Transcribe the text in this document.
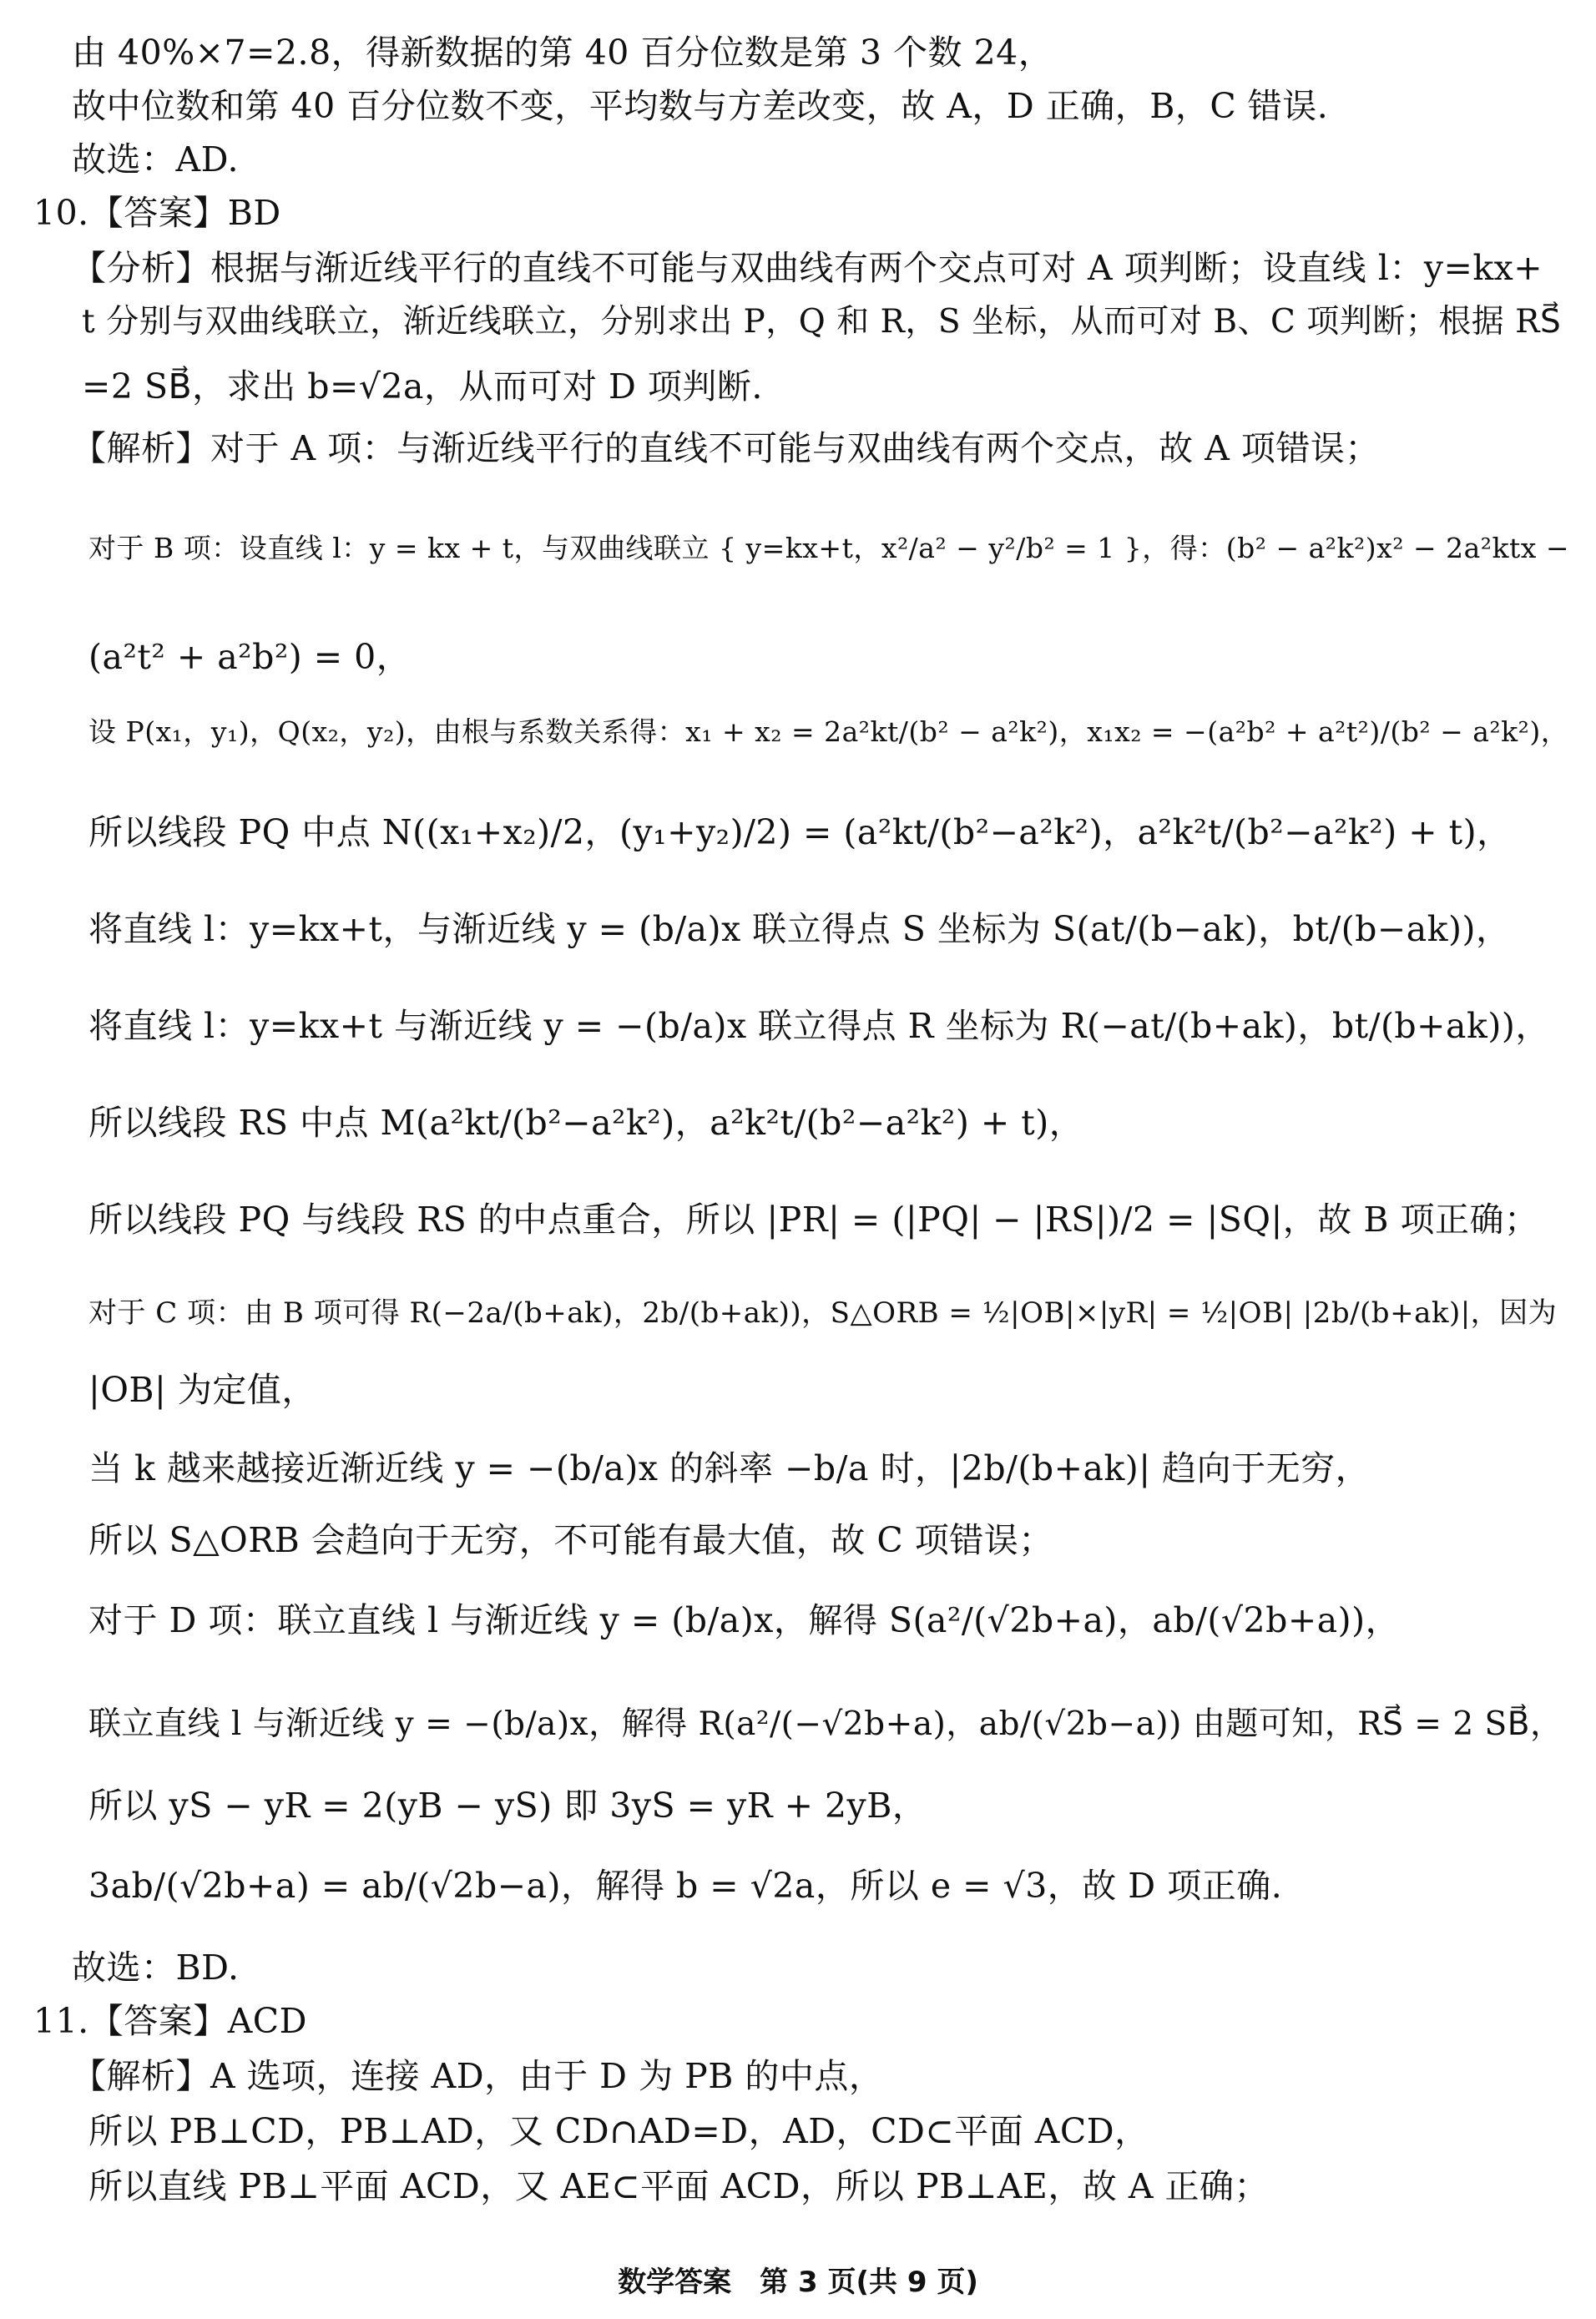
由 40%×7=2.8，得新数据的第 40 百分位数是第 3 个数 24，
故中位数和第 40 百分位数不变，平均数与方差改变，故 A，D 正确，B，C 错误.
故选：AD.
10.【答案】BD
【分析】根据与渐近线平行的直线不可能与双曲线有两个交点可对 A 项判断；设直线 l：y=kx+
t 分别与双曲线联立，渐近线联立，分别求出 P，Q 和 R，S 坐标，从而可对 B、C 项判断；根据 RS⃗
=2 SB⃗，求出 b=√2a，从而可对 D 项判断.
【解析】对于 A 项：与渐近线平行的直线不可能与双曲线有两个交点，故 A 项错误；
对于 B 项：设直线 l：y = kx + t，与双曲线联立 { y=kx+t，x²/a² − y²/b² = 1 }，得：(b² − a²k²)x² − 2a²ktx −
(a²t² + a²b²) = 0，
设 P(x₁，y₁)，Q(x₂，y₂)，由根与系数关系得：x₁ + x₂ = 2a²kt/(b² − a²k²)，x₁x₂ = −(a²b² + a²t²)/(b² − a²k²)，
所以线段 PQ 中点 N((x₁+x₂)/2，(y₁+y₂)/2) = (a²kt/(b²−a²k²)，a²k²t/(b²−a²k²) + t)，
将直线 l：y=kx+t，与渐近线 y = (b/a)x 联立得点 S 坐标为 S(at/(b−ak)，bt/(b−ak))，
将直线 l：y=kx+t 与渐近线 y = −(b/a)x 联立得点 R 坐标为 R(−at/(b+ak)，bt/(b+ak))，
所以线段 RS 中点 M(a²kt/(b²−a²k²)，a²k²t/(b²−a²k²) + t)，
所以线段 PQ 与线段 RS 的中点重合，所以 |PR| = (|PQ| − |RS|)/2 = |SQ|，故 B 项正确；
对于 C 项：由 B 项可得 R(−2a/(b+ak)，2b/(b+ak))，S△ORB = ½|OB|×|yR| = ½|OB| |2b/(b+ak)|，因为
|OB| 为定值，
当 k 越来越接近渐近线 y = −(b/a)x 的斜率 −b/a 时，|2b/(b+ak)| 趋向于无穷，
所以 S△ORB 会趋向于无穷，不可能有最大值，故 C 项错误；
对于 D 项：联立直线 l 与渐近线 y = (b/a)x，解得 S(a²/(√2b+a)，ab/(√2b+a))，
联立直线 l 与渐近线 y = −(b/a)x，解得 R(a²/(−√2b+a)，ab/(√2b−a)) 由题可知，RS⃗ = 2 SB⃗，
所以 yS − yR = 2(yB − yS) 即 3yS = yR + 2yB，
3ab/(√2b+a) = ab/(√2b−a)，解得 b = √2a，所以 e = √3，故 D 项正确.
故选：BD.
11.【答案】ACD
【解析】A 选项，连接 AD，由于 D 为 PB 的中点，
所以 PB⊥CD，PB⊥AD，又 CD∩AD=D，AD，CD⊂平面 ACD，
所以直线 PB⊥平面 ACD，又 AE⊂平面 ACD，所以 PB⊥AE，故 A 正确；
数学答案　第 3 页(共 9 页)
